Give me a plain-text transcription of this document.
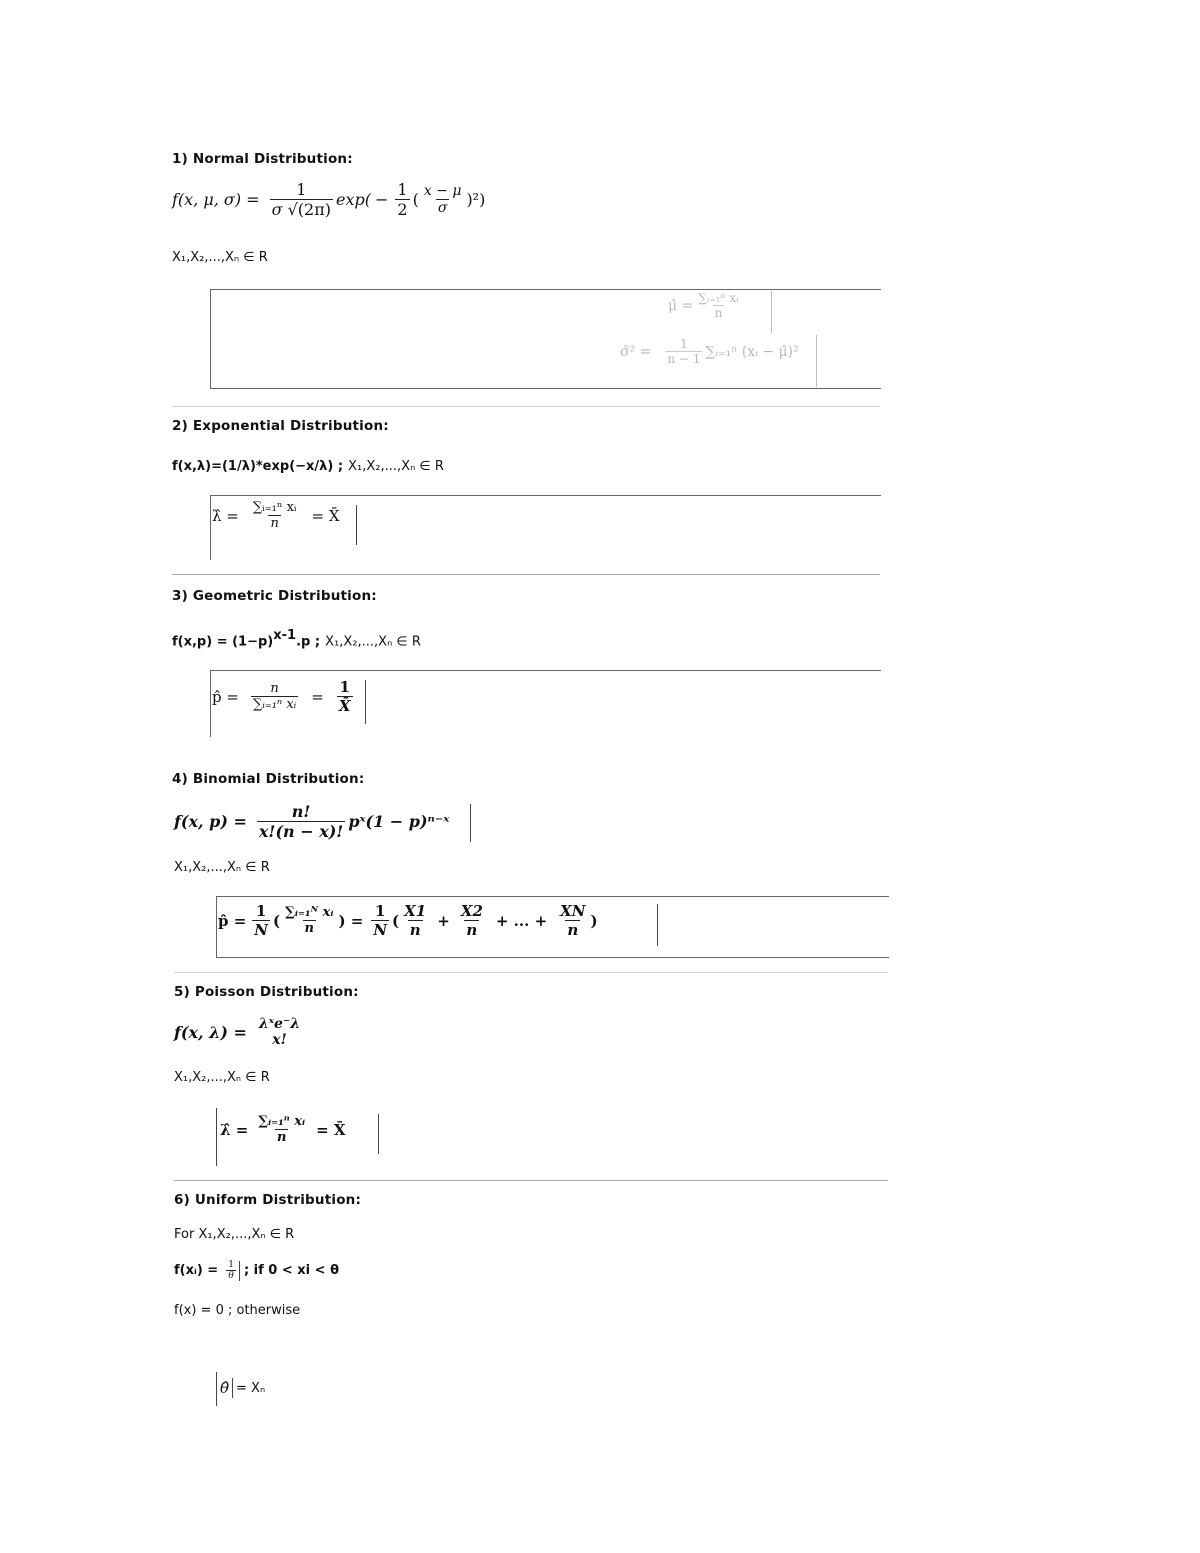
1) Normal Distribution:
f(x, μ, $\sigma) = \frac{1}{\sigma √(2\pi)} \exp( - \frac{1}{2}$ ( $\frac{x - \mu}{\sigma} )^2$)
X₁,X₂,...,Xₙ ∈ R
μ̂ = $\frac{\text{∑ᵢ₌₁ⁿ xᵢ}}{n}$
σ̂² = $\frac{1}{n - 1}$ ∑ᵢ₌₁ⁿ (xᵢ − μ̂)²
2) Exponential Distribution:
f(x,λ)=(1/λ)*exp(−x/λ) ; X₁,X₂,...,Xₙ ∈ R
λ̂ = $\frac{\text{∑ᵢ₌₁ⁿ xᵢ}}{n}$ = X̄
3) Geometric Distribution:
$f(x,p) = (1-p)^{x-1}.p$ ; X₁,X₂,...,Xₙ ∈ R
p̂ = $\frac{n}{\text{∑ᵢ₌₁ⁿ xᵢ}} = \frac{1}{X̄}$
4) Binomial Distribution:
f(x, $p) = \frac{n!}{x!(n - x)!}$ pˣ(1 − p)ⁿ⁻ˣ
X₁,X₂,...,Xₙ ∈ R
p̂ = $\frac{1}{N}$ ( $\frac{\text{∑ᵢ₌₁ᴺ xᵢ}}{n}$ ) = $\frac{1}{N}$ ( $\frac{X1}{n} + \frac{X2}{n}$ + ... + $\frac{XN}{n}$ )
5) Poisson Distribution:
f(x, λ) = λˣe⁻λ
x!
X₁,X₂,...,Xₙ ∈ R
λ̂ = $\frac{\text{∑ᵢ₌₁ⁿ xᵢ}}{n}$ = X̄
6) Uniform Distribution:
For X₁,X₂,...,Xₙ ∈ R
f(xᵢ) = $\frac{1}{\theta}$ ; if 0 < xi < θ
f(x) = 0 ; otherwise
θ̂ = Xₙ
